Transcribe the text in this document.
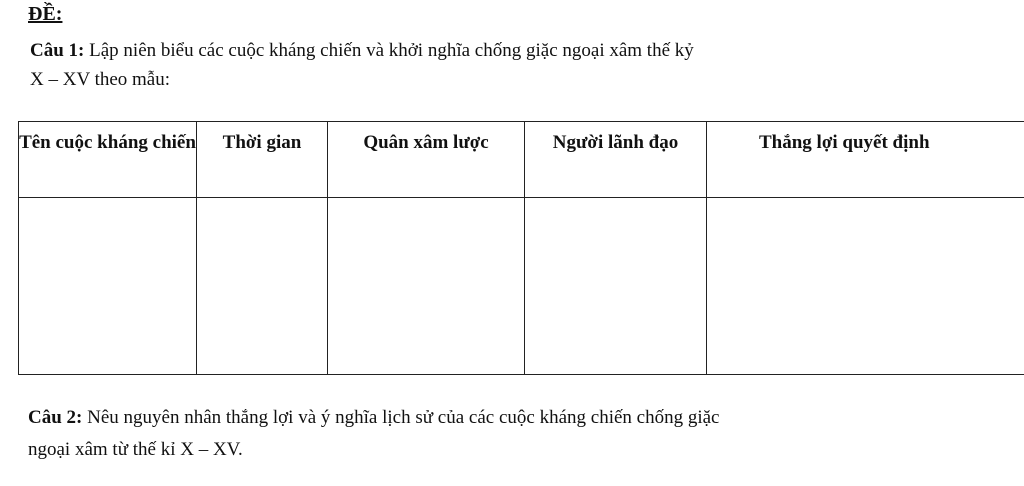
ĐỀ:
Câu 1: Lập niên biểu các cuộc kháng chiến và khởi nghĩa chống giặc ngoại xâm thế kỷ
X – XV theo mẫu:
Tên cuộc kháng chiến	Thời gian	Quân xâm lược	Người lãnh đạo	Thắng lợi quyết định

Câu 2: Nêu nguyên nhân thắng lợi và ý nghĩa lịch sử của các cuộc kháng chiến chống giặc
ngoại xâm từ thế kỉ X – XV.
